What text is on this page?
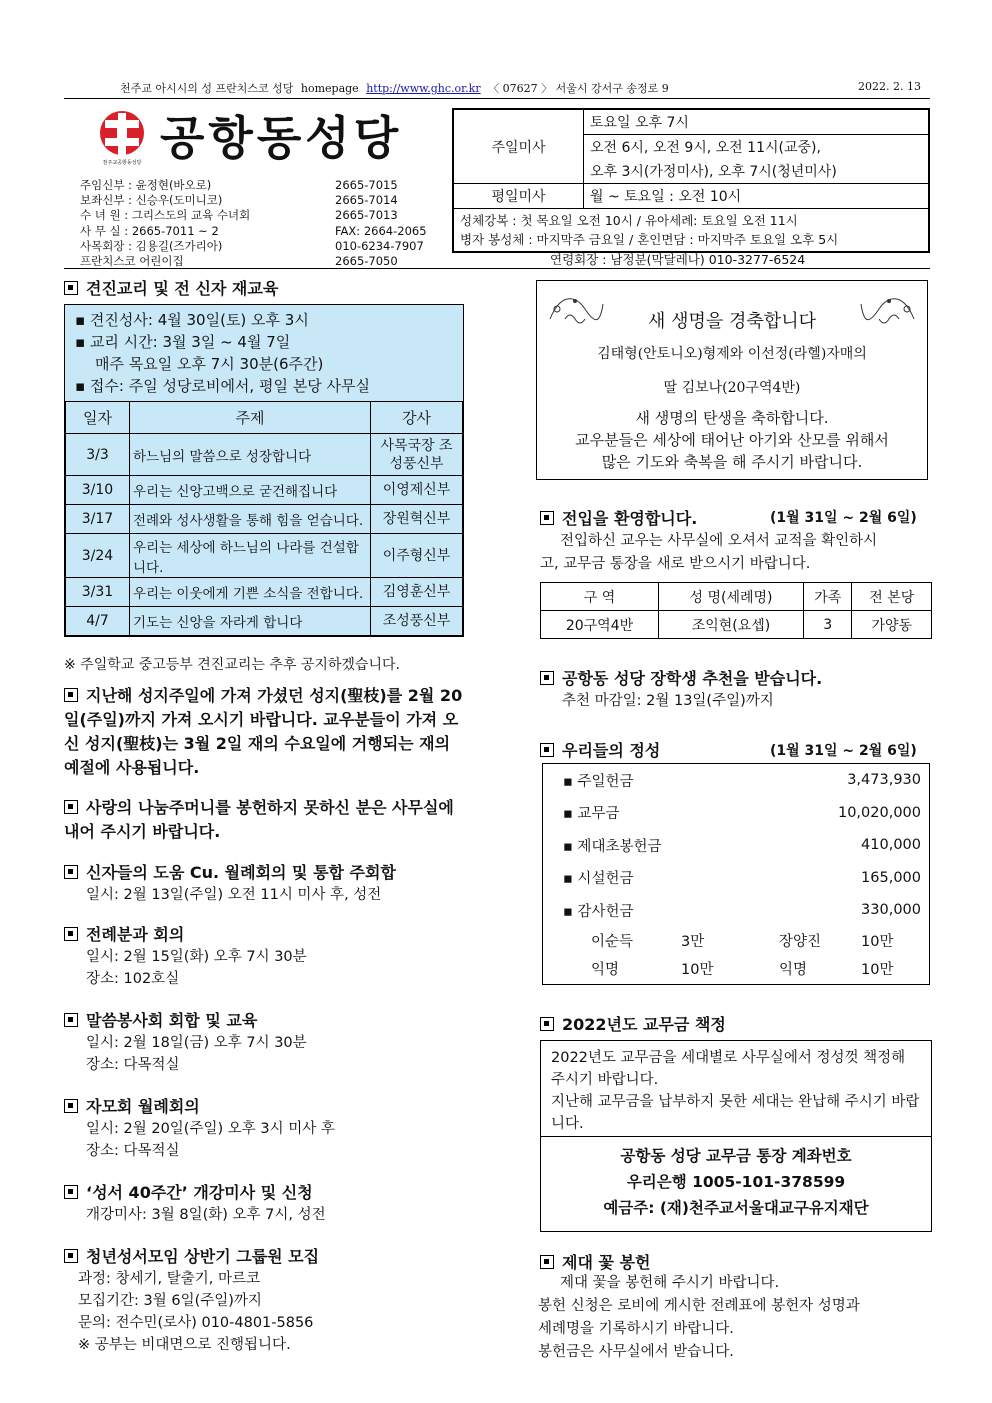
천주교 아시시의 성 프란치스코 성당 homepage http://www.ghc.or.kr 〈 07627 〉 서울시 강서구 송정로 9	2022. 2. 13
천주교공항동성당 공항동성당
주임신부 : 윤정현(바오로)	2665-7015
보좌신부 : 신승우(도미니코)	2665-7014
수 녀 원 : 그리스도의 교육 수녀회	2665-7013
사 무 실 : 2665-7011 ~ 2	FAX: 2664-2065
사목회장 : 김용길(즈가리아)	010-6234-7907
프란치스코 어린이집	2665-7050
주일미사	토요일 오후 7시
	오전 6시, 오전 9시, 오전 11시(교중),
	오후 3시(가정미사), 오후 7시(청년미사)
평일미사	월 ~ 토요일 : 오전 10시

성체강복 : 첫 목요일 오전 10시 / 유아세례: 토요일 오전 11시
병자 봉성체 : 마지막주 금요일 / 혼인면담 : 마지막주 토요일 오후 5시	
연령회장 : 남정분(막달레나) 010-3277-6524
견진교리 및 전 신자 재교육
▪ 견진성사: 4월 30일(토) 오후 3시
▪ 교리 시간: 3월 3일 ~ 4월 7일
매주 목요일 오후 7시 30분(6주간)
▪ 접수: 주일 성당로비에서, 평일 본당 사무실
일자	주제	강사
3/3	하느님의 말씀으로 성장합니다	사목국장 조성풍신부
3/10	우리는 신앙고백으로 굳건해집니다	이영제신부
3/17	전례와 성사생활을 통해 힘을 얻습니다.	장원혁신부
3/24	우리는 세상에 하느님의 나라를 건설합니다.	이주형신부
3/31	우리는 이웃에게 기쁜 소식을 전합니다.	김영훈신부
4/7	기도는 신앙을 자라게 합니다	조성풍신부
※ 주일학교 중고등부 견진교리는 추후 공지하겠습니다.
지난해 성지주일에 가져 가셨던 성지(聖枝)를 2월 20일(주일)까지 가져 오시기 바랍니다. 교우분들이 가져 오신 성지(聖枝)는 3월 2일 재의 수요일에 거행되는 재의 예절에 사용됩니다.
사랑의 나눔주머니를 봉헌하지 못하신 분은 사무실에 내어 주시기 바랍니다.
신자들의 도움 Cu. 월례회의 및 통합 주회합
일시: 2월 13일(주일) 오전 11시 미사 후, 성전
전례분과 회의
일시: 2월 15일(화) 오후 7시 30분
장소: 102호실
말씀봉사회 회합 및 교육
일시: 2월 18일(금) 오후 7시 30분
장소: 다목적실
자모회 월례회의
일시: 2월 20일(주일) 오후 3시 미사 후
장소: 다목적실
‘성서 40주간’ 개강미사 및 신청
개강미사: 3월 8일(화) 오후 7시, 성전
청년성서모임 상반기 그룹원 모집
과정: 창세기, 탈출기, 마르코
모집기간: 3월 6일(주일)까지
문의: 전수민(로사) 010-4801-5856
※ 공부는 비대면으로 진행됩니다.
새 생명을 경축합니다
김태형(안토니오)형제와 이선정(라헬)자매의
딸 김보나(20구역4반)
새 생명의 탄생을 축하합니다.
교우분들은 세상에 태어난 아기와 산모를 위해서
많은 기도와 축복을 해 주시기 바랍니다.
전입을 환영합니다.	(1월 31일 ~ 2월 6일)
전입하신 교우는 사무실에 오셔서 교적을 확인하시
고, 교무금 통장을 새로 받으시기 바랍니다.
구 역	성 명(세례명)	가족	전 본당
20구역4반	조익현(요셉)	3	가양동
공항동 성당 장학생 추천을 받습니다.
추천 마감일: 2월 13일(주일)까지
우리들의 정성	(1월 31일 ~ 2월 6일)
▪ 주일헌금	3,473,930
▪ 교무금	10,020,000
▪ 제대초봉헌금	410,000
▪ 시설헌금	165,000
▪ 감사헌금	330,000
이순득	3만	장양진	10만
익명	10만	익명	10만
2022년도 교무금 책정
2022년도 교무금을 세대별로 사무실에서 정성껏 책정해 주시기 바랍니다.
지난해 교무금을 납부하지 못한 세대는 완납해 주시기 바랍니다.
공항동 성당 교무금 통장 계좌번호
우리은행 1005-101-378599
예금주: (재)천주교서울대교구유지재단
제대 꽃 봉헌
제대 꽃을 봉헌해 주시기 바랍니다.
봉헌 신청은 로비에 게시한 전례표에 봉헌자 성명과
세례명을 기록하시기 바랍니다.
봉헌금은 사무실에서 받습니다.
